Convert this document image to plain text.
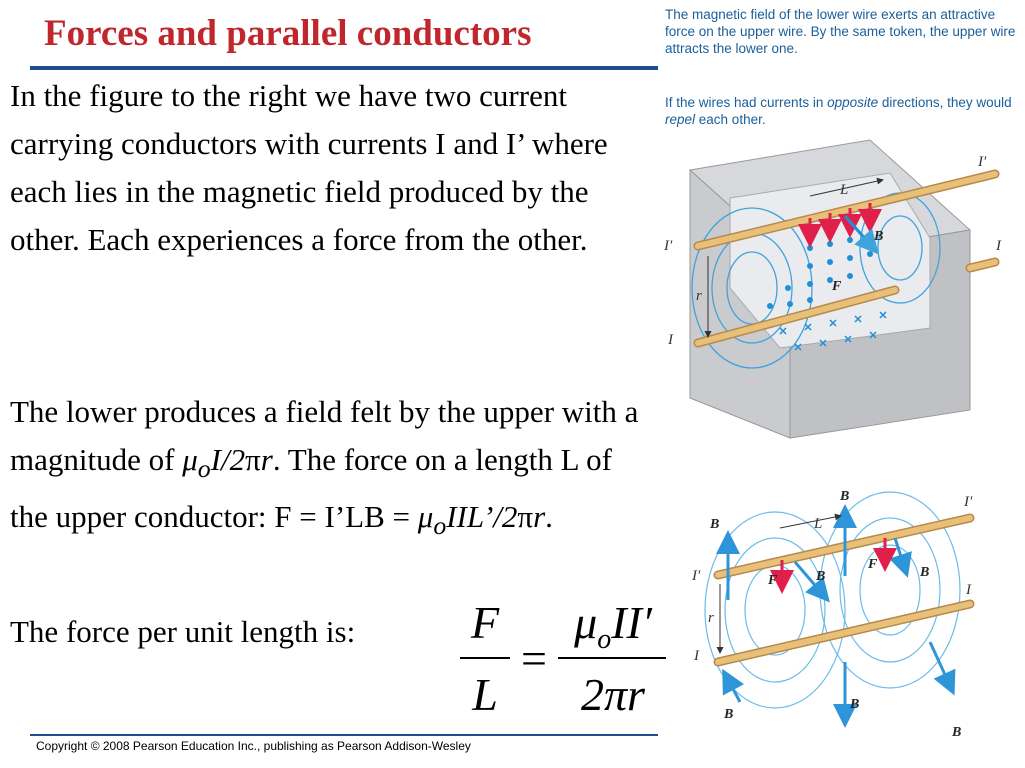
Forces and parallel conductors

In the figure to the right we have two current carrying conductors with currents I and I’ where each lies in the magnetic field produced by the other. Each experiences a force from the other.

The lower produces a field felt by the upper with a magnitude of $\mu_oI/2\pi r$. The force on a length L of the upper conductor: F = I’LB = $\mu_oIIL’/2\pi r$.

The force per unit length is:	F
L
=
$\mu_oII'$
2πr

The magnetic field of the lower wire exerts an attractive force on the upper wire. By the same token, the upper wire attracts the lower one.

If the wires had currents in opposite directions, they would repel each other.

I′
I′	I
I
L
r
B
F
B
B
B	B
B
B
B
F
F
I′
I′
I
I
L
r
Copyright © 2008 Pearson Education Inc., publishing as Pearson Addison-Wesley
